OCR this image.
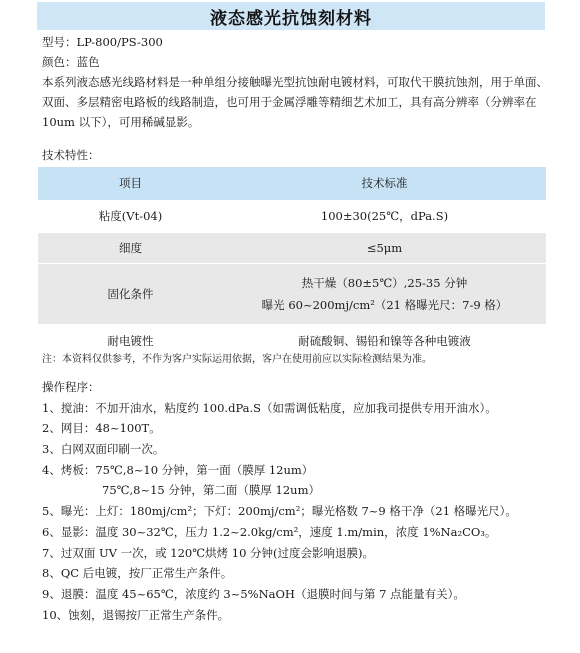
液态感光抗蚀刻材料
型号：LP-800/PS-300
颜色：蓝色
本系列液态感光线路材料是一种单组分接触曝光型抗蚀耐电镀材料，可取代干膜抗蚀剂，用于单面、双面、多层精密电路板的线路制造，也可用于金属浮雕等精细艺术加工，具有高分辨率（分辨率在 10um 以下），可用稀碱显影。
技术特性：
项目	技术标准
粘度(Vt-04)	100±30(25℃，dPa.S)
细度	≤5μm
固化条件	热干燥（80±5℃）,25-35 分钟
曝光 60~200mj/cm²（21 格曝光尺：7-9 格）

耐电镀性	耐硫酸铜、锡铅和镍等各种电镀液
注：本资料仅供参考，不作为客户实际运用依据，客户在使用前应以实际检测结果为准。
操作程序：
1、搅油：不加开油水，粘度约 100.dPa.S（如需调低粘度，应加我司提供专用开油水）。
2、网目：48~100T。
3、白网双面印刷一次。
4、烤板：75℃,8~10 分钟，第一面（膜厚 12um）
75℃,8~15 分钟，第二面（膜厚 12um）
5、曝光：上灯：180mj/cm²；下灯：200mj/cm²；曝光格数 7~9 格干净（21 格曝光尺）。
6、显影：温度 30~32℃，压力 1.2~2.0kg/cm²，速度 1.m/min，浓度 1%Na₂CO₃。
7、过双面 UV 一次，或 120℃烘烤 10 分钟(过度会影响退膜)。
8、QC 后电镀，按厂正常生产条件。
9、退膜：温度 45~65℃，浓度约 3~5%NaOH（退膜时间与第 7 点能量有关）。
10、蚀刻，退锡按厂正常生产条件。
